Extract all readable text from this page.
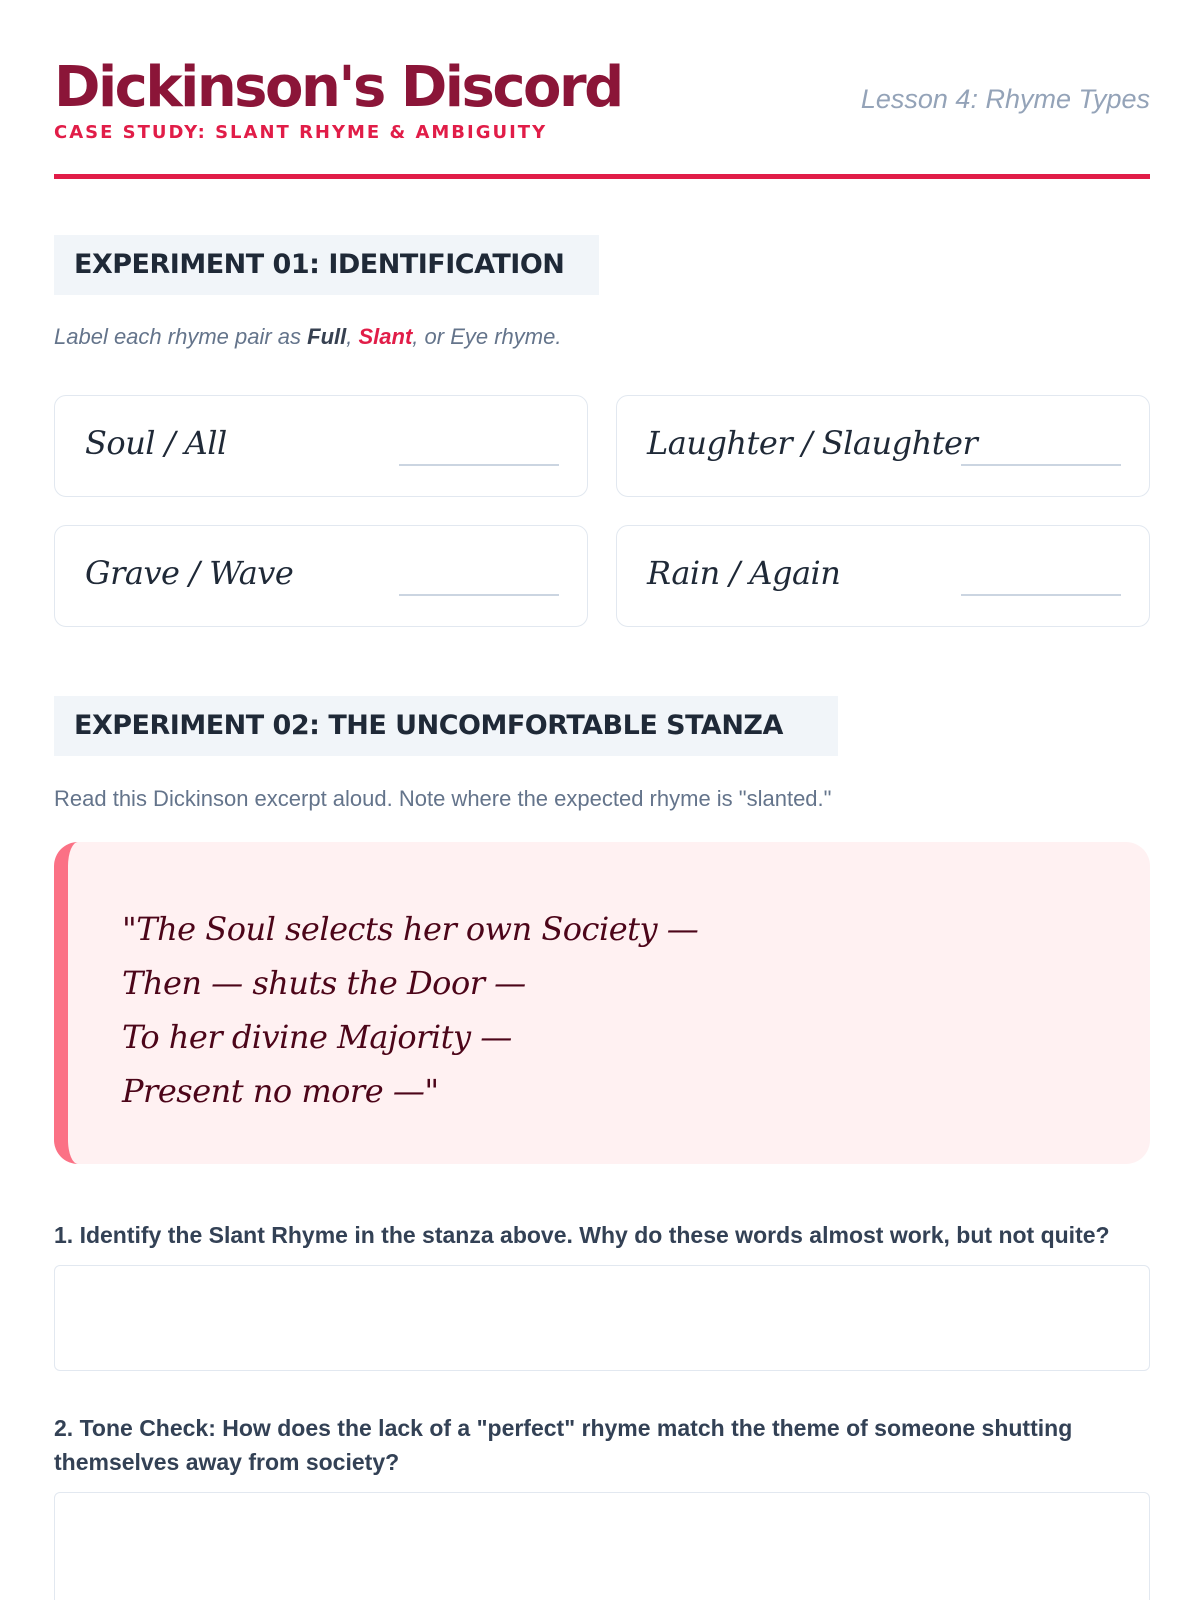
Dickinson's Discord
CASE STUDY: SLANT RHYME & AMBIGUITY
Lesson 4: Rhyme Types
EXPERIMENT 01: IDENTIFICATION
Label each rhyme pair as Full, Slant, or Eye rhyme.
Soul / All	Laughter / Slaughter
Grave / Wave	Rain / Again
EXPERIMENT 02: THE UNCOMFORTABLE STANZA
Read this Dickinson excerpt aloud. Note where the expected rhyme is "slanted."
"The Soul selects her own Society —
Then — shuts the Door —
To her divine Majority —
Present no more —"
1. Identify the Slant Rhyme in the stanza above. Why do these words almost work, but not quite?
2. Tone Check: How does the lack of a "perfect" rhyme match the theme of someone shutting themselves away from society?
